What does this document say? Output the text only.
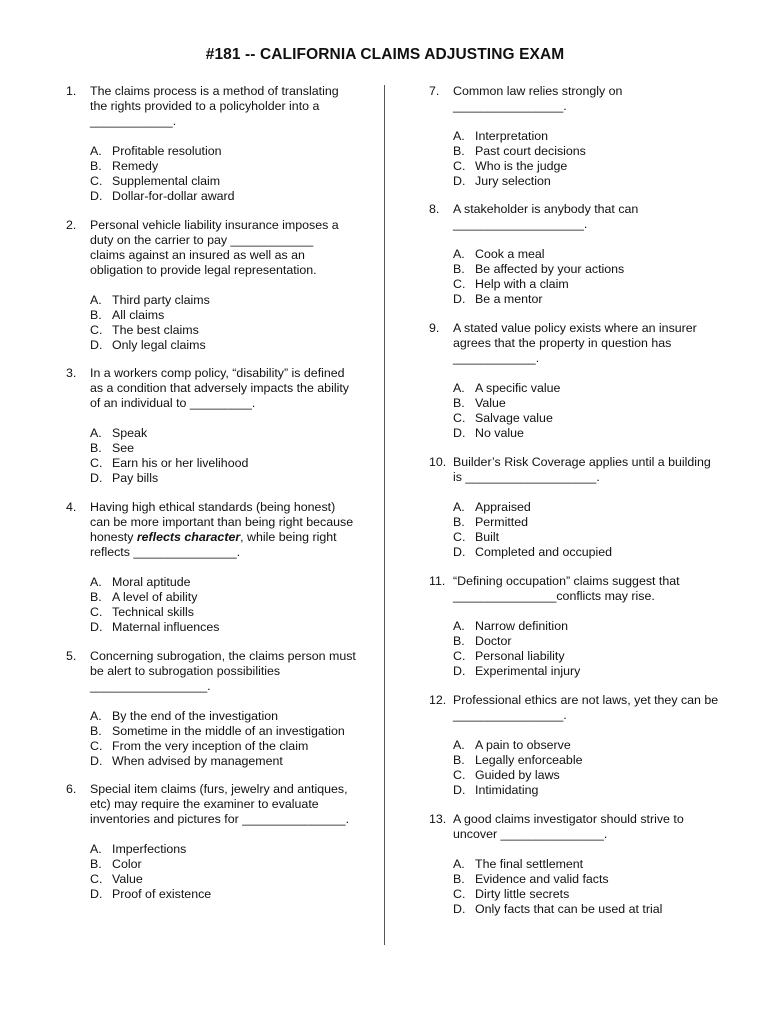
#181 -- CALIFORNIA CLAIMS ADJUSTING EXAM
1.	The claims process is a method of translating
the rights provided to a policyholder into a
____________.
A. Profitable resolution
B. Remedy
C. Supplemental claim
D. Dollar-for-dollar award
2.	Personal vehicle liability insurance imposes a
duty on the carrier to pay ____________
claims against an insured as well as an
obligation to provide legal representation.
A. Third party claims
B. All claims
C. The best claims
D. Only legal claims
3.	In a workers comp policy, “disability” is defined
as a condition that adversely impacts the ability
of an individual to _________.
A. Speak
B. See
C. Earn his or her livelihood
D. Pay bills
4.	Having high ethical standards (being honest)
can be more important than being right because
honesty reflects character, while being right
reflects _______________.
A. Moral aptitude
B. A level of ability
C. Technical skills
D. Maternal influences
5.	Concerning subrogation, the claims person must
be alert to subrogation possibilities
_________________.
A. By the end of the investigation
B. Sometime in the middle of an investigation
C. From the very inception of the claim
D. When advised by management
6.	Special item claims (furs, jewelry and antiques,
etc) may require the examiner to evaluate
inventories and pictures for _______________.
A. Imperfections
B. Color
C. Value
D. Proof of existence
7.	Common law relies strongly on
________________.
A. Interpretation
B. Past court decisions
C. Who is the judge
D. Jury selection
8.	A stakeholder is anybody that can
___________________.
A. Cook a meal
B. Be affected by your actions
C. Help with a claim
D. Be a mentor
9.	A stated value policy exists where an insurer
agrees that the property in question has
____________.
A. A specific value
B. Value
C. Salvage value
D. No value
10. Builder’s Risk Coverage applies until a building
is ___________________.
A. Appraised
B. Permitted
C. Built
D. Completed and occupied
11. “Defining occupation” claims suggest that
_______________conflicts may rise.
A. Narrow definition
B. Doctor
C. Personal liability
D. Experimental injury
12. Professional ethics are not laws, yet they can be
________________.
A. A pain to observe
B. Legally enforceable
C. Guided by laws
D. Intimidating
13. A good claims investigator should strive to
uncover _______________.
A. The final settlement
B. Evidence and valid facts
C. Dirty little secrets
D. Only facts that can be used at trial
